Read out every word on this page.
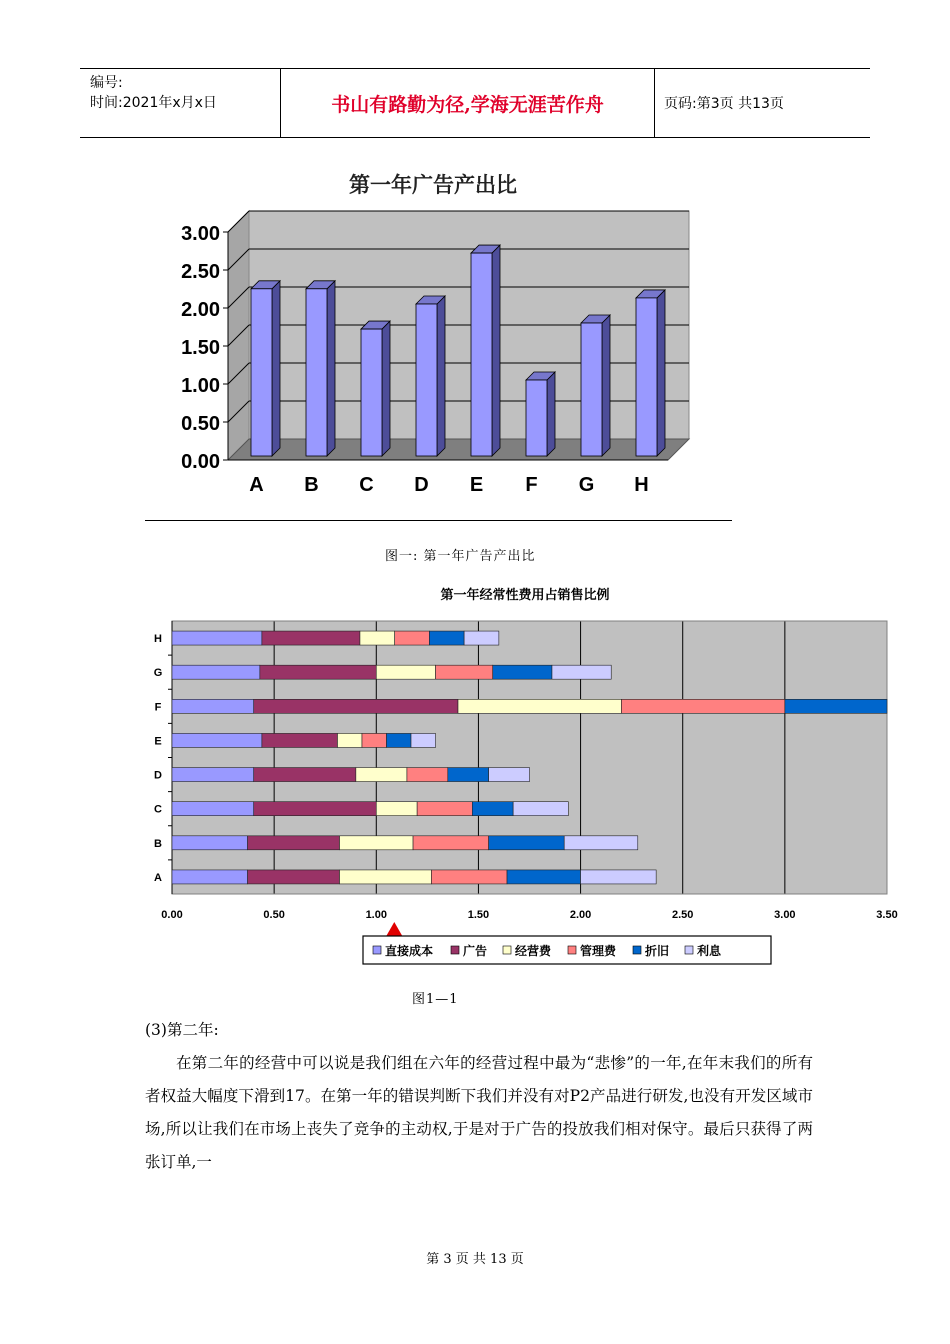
编号:
时间:2021年x月x日	书山有路勤为径,学海无涯苦作舟	页码:第3页 共13页
第一年广告产出比
0.00
0.50
1.00
1.50
2.00
2.50
3.00
A B C D E F G H
图一: 第一年广告产出比
第一年经常性费用占销售比例
0.00	0.50	1.00	1.50	2.00	2.50	3.00	3.50
A
B
C
D
E
F
G
H
直接成本 广告 经营费 管理费 折旧 利息
图1—1

(3)第二年:

在第二年的经营中可以说是我们组在六年的经营过程中最为“悲惨”的一年,在年末我们的所有者权益大幅度下滑到17。在第一年的错误判断下我们并没有对P2产品进行研发,也没有开发区域市场,所以让我们在市场上丧失了竞争的主动权,于是对于广告的投放我们相对保守。最后只获得了两张订单,一

第 3 页 共 13 页
